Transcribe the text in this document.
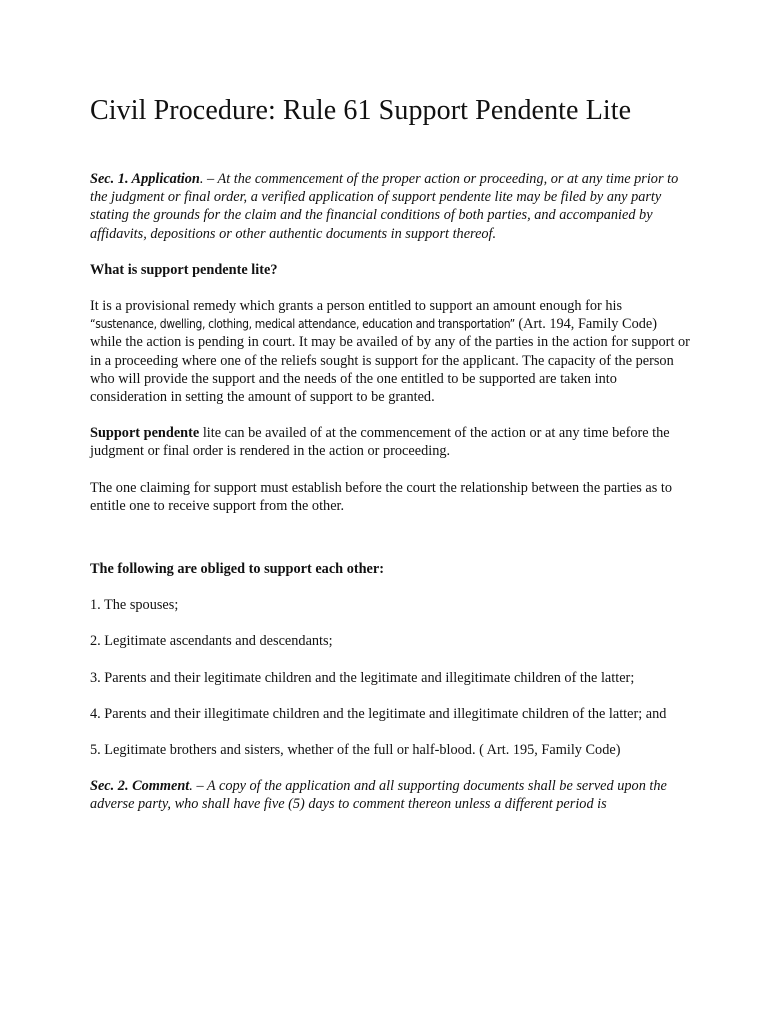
Civil Procedure: Rule 61 Support Pendente Lite

Sec. 1. Application. – At the commencement of the proper action or proceeding, or at any time prior to the judgment or final order, a verified application of support pendente lite may be filed by any party stating the grounds for the claim and the financial conditions of both parties, and accompanied by affidavits, depositions or other authentic documents in support thereof.

What is support pendente lite?

It is a provisional remedy which grants a person entitled to support an amount enough for his “sustenance, dwelling, clothing, medical attendance, education and transportation” (Art. 194, Family Code) while the action is pending in court. It may be availed of by any of the parties in the action for support or in a proceeding where one of the reliefs sought is support for the applicant. The capacity of the person who will provide the support and the needs of the one entitled to be supported are taken into consideration in setting the amount of support to be granted.

Support pendente lite can be availed of at the commencement of the action or at any time before the judgment or final order is rendered in the action or proceeding.

The one claiming for support must establish before the court the relationship between the parties as to entitle one to receive support from the other.

The following are obliged to support each other:

1. The spouses;

2. Legitimate ascendants and descendants;

3. Parents and their legitimate children and the legitimate and illegitimate children of the latter;

4. Parents and their illegitimate children and the legitimate and illegitimate children of the latter; and

5. Legitimate brothers and sisters, whether of the full or half-blood. ( Art. 195, Family Code)

Sec. 2. Comment. – A copy of the application and all supporting documents shall be served upon the adverse party, who shall have five (5) days to comment thereon unless a different period is
